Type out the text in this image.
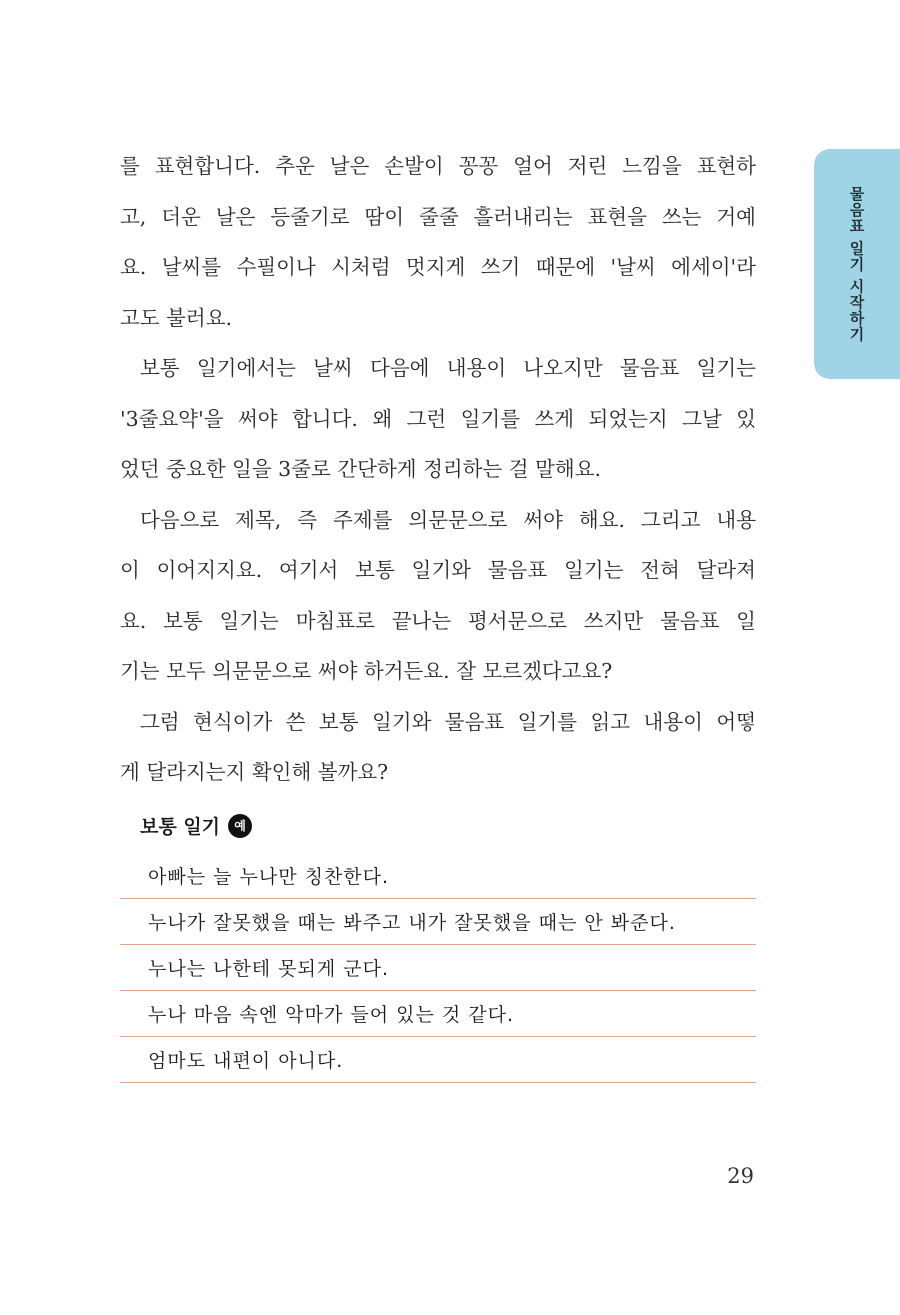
물음표 일기 시작하기
를 표현합니다. 추운 날은 손발이 꽁꽁 얼어 저린 느낌을 표현하
고, 더운 날은 등줄기로 땀이 줄줄 흘러내리는 표현을 쓰는 거예
요. 날씨를 수필이나 시처럼 멋지게 쓰기 때문에 '날씨 에세이'라
고도 불러요.
보통 일기에서는 날씨 다음에 내용이 나오지만 물음표 일기는
'3줄요약'을 써야 합니다. 왜 그런 일기를 쓰게 되었는지 그날 있
었던 중요한 일을 3줄로 간단하게 정리하는 걸 말해요.
다음으로 제목, 즉 주제를 의문문으로 써야 해요. 그리고 내용
이 이어지지요. 여기서 보통 일기와 물음표 일기는 전혀 달라져
요. 보통 일기는 마침표로 끝나는 평서문으로 쓰지만 물음표 일
기는 모두 의문문으로 써야 하거든요. 잘 모르겠다고요?
그럼 현식이가 쓴 보통 일기와 물음표 일기를 읽고 내용이 어떻
게 달라지는지 확인해 볼까요?
보통 일기	예
아빠는 늘 누나만 칭찬한다.
누나가 잘못했을 때는 봐주고 내가 잘못했을 때는 안 봐준다.
누나는 나한테 못되게 군다.
누나 마음 속엔 악마가 들어 있는 것 같다.
엄마도 내편이 아니다.
29
